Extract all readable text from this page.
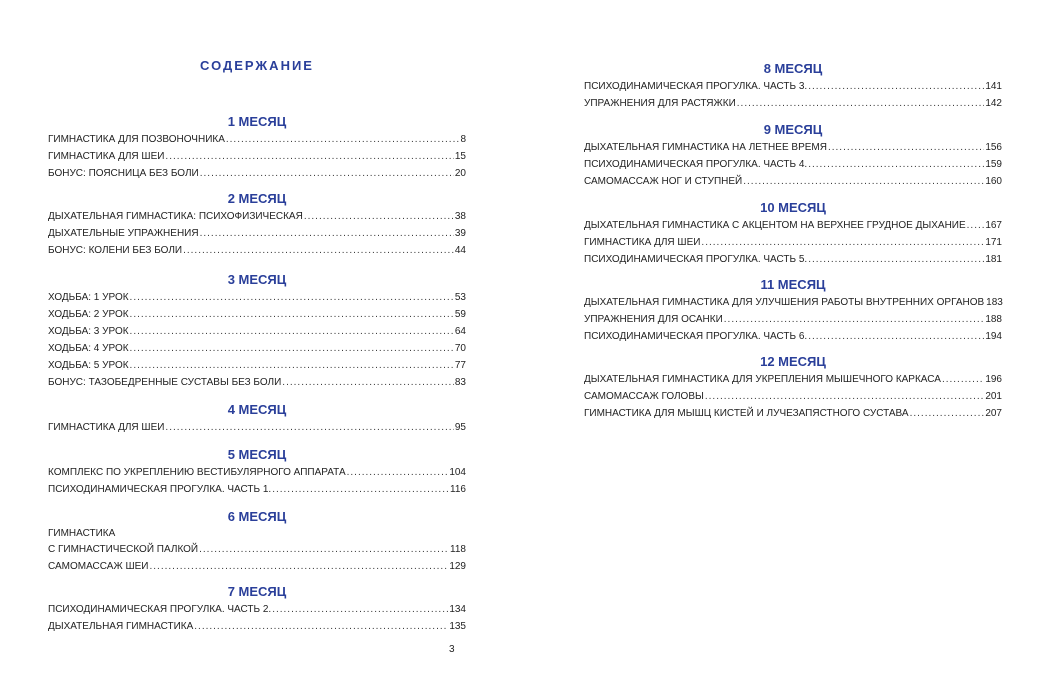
СОДЕРЖАНИЕ
1 МЕСЯЦ
ГИМНАСТИКА ДЛЯ ПОЗВОНОЧНИКА .....	8
ГИМНАСТИКА ДЛЯ ШЕИ .....	15
БОНУС: ПОЯСНИЦА БЕЗ БОЛИ .....	20
2 МЕСЯЦ
ДЫХАТЕЛЬНАЯ ГИМНАСТИКА: ПСИХОФИЗИЧЕСКАЯ .....	38
ДЫХАТЕЛЬНЫЕ УПРАЖНЕНИЯ .....	39
БОНУС: КОЛЕНИ БЕЗ БОЛИ .....	44
3 МЕСЯЦ
ХОДЬБА: 1 УРОК .....	53
ХОДЬБА: 2 УРОК .....	59
ХОДЬБА: 3 УРОК .....	64
ХОДЬБА: 4 УРОК .....	70
ХОДЬБА: 5 УРОК .....	77
БОНУС: ТАЗОБЕДРЕННЫЕ СУСТАВЫ БЕЗ БОЛИ .....	83
4 МЕСЯЦ
ГИМНАСТИКА ДЛЯ ШЕИ .....	95
5 МЕСЯЦ
КОМПЛЕКС ПО УКРЕПЛЕНИЮ ВЕСТИБУЛЯРНОГО АППАРАТА .....	104
ПСИХОДИНАМИЧЕСКАЯ ПРОГУЛКА. ЧАСТЬ 1. .....	116
6 МЕСЯЦ
ГИМНАСТИКА
С ГИМНАСТИЧЕСКОЙ ПАЛКОЙ .....	118
САМОМАССАЖ ШЕИ .....	129
7 МЕСЯЦ
ПСИХОДИНАМИЧЕСКАЯ ПРОГУЛКА. ЧАСТЬ 2. .....	134
ДЫХАТЕЛЬНАЯ ГИМНАСТИКА .....	135
3
8 МЕСЯЦ
ПСИХОДИНАМИЧЕСКАЯ ПРОГУЛКА. ЧАСТЬ 3. .....	141
УПРАЖНЕНИЯ ДЛЯ РАСТЯЖКИ .....	142
9 МЕСЯЦ
ДЫХАТЕЛЬНАЯ ГИМНАСТИКА НА ЛЕТНЕЕ ВРЕМЯ .....	156
ПСИХОДИНАМИЧЕСКАЯ ПРОГУЛКА. ЧАСТЬ 4. .....	159
САМОМАССАЖ НОГ И СТУПНЕЙ .....	160
10 МЕСЯЦ
ДЫХАТЕЛЬНАЯ ГИМНАСТИКА С АКЦЕНТОМ НА ВЕРХНЕЕ ГРУДНОЕ ДЫХАНИЕ ..... 167
ГИМНАСТИКА ДЛЯ ШЕИ .....	171
ПСИХОДИНАМИЧЕСКАЯ ПРОГУЛКА. ЧАСТЬ 5. .....	181
11 МЕСЯЦ
ДЫХАТЕЛЬНАЯ ГИМНАСТИКА ДЛЯ УЛУЧШЕНИЯ РАБОТЫ ВНУТРЕННИХ ОРГАНОВ 183
УПРАЖНЕНИЯ ДЛЯ ОСАНКИ .....	188
ПСИХОДИНАМИЧЕСКАЯ ПРОГУЛКА. ЧАСТЬ 6. .....	194
12 МЕСЯЦ
ДЫХАТЕЛЬНАЯ ГИМНАСТИКА ДЛЯ УКРЕПЛЕНИЯ МЫШЕЧНОГО КАРКАСА .....	196
САМОМАССАЖ ГОЛОВЫ .....	201
ГИМНАСТИКА ДЛЯ МЫШЦ КИСТЕЙ И ЛУЧЕЗАПЯСТНОГО СУСТАВА .....	207
